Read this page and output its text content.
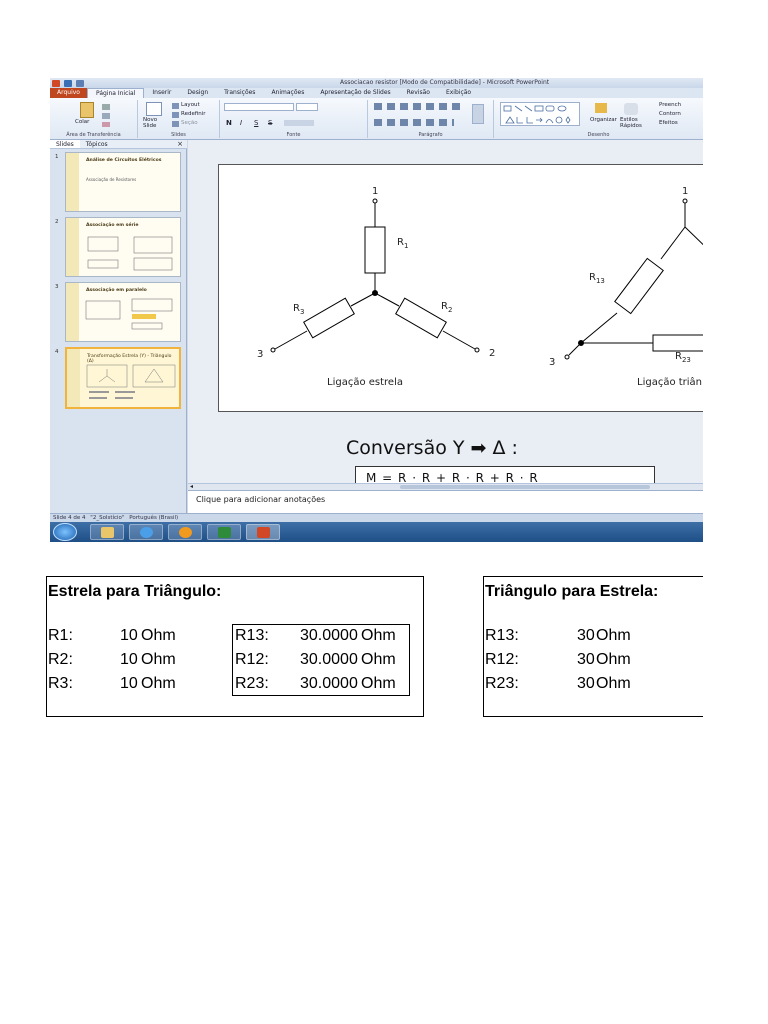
Associacao resistor [Modo de Compatibilidade] - Microsoft PowerPoint
Arquivo	Página Inicial	Inserir	Design	Transições	Animações	Apresentação de Slides	Revisão	Exibição
Colar
Área de Transferência
Novo Slide
Layout
Redefinir
Seção
Slides
N I S S
Fonte	Parágrafo
Organizar Estilos Rápidos
Preench
Contorn
Efeitos
Desenho
Slides	Tópicos	×
1
Análise de Circuitos Elétricos
Associação de Resistores
2
Associação em série
3
Associação em paralelo
4
Transformação Estrela (Y) - Triângulo (Δ)
1
$R_1$
$R_3$	$R_2$
3	2
Ligação estrela
1
$R_{13}$
$R_{23}$
3
Ligação triân
Conversão Y ➡ Δ :
M = R · R + R · R + R · R
◂
Clique para adicionar anotações
Slide 4 de 4 "2_Solstício" Português (Brasil)
Estrela para Triângulo:
R1:	10 Ohm
R2:	10 Ohm
R3:	10 Ohm
R13: 30.0000 Ohm
R12: 30.0000 Ohm
R23: 30.0000 Ohm
Triângulo para Estrela:
R13:	30 Ohm
R12:	30 Ohm
R23:	30 Ohm
